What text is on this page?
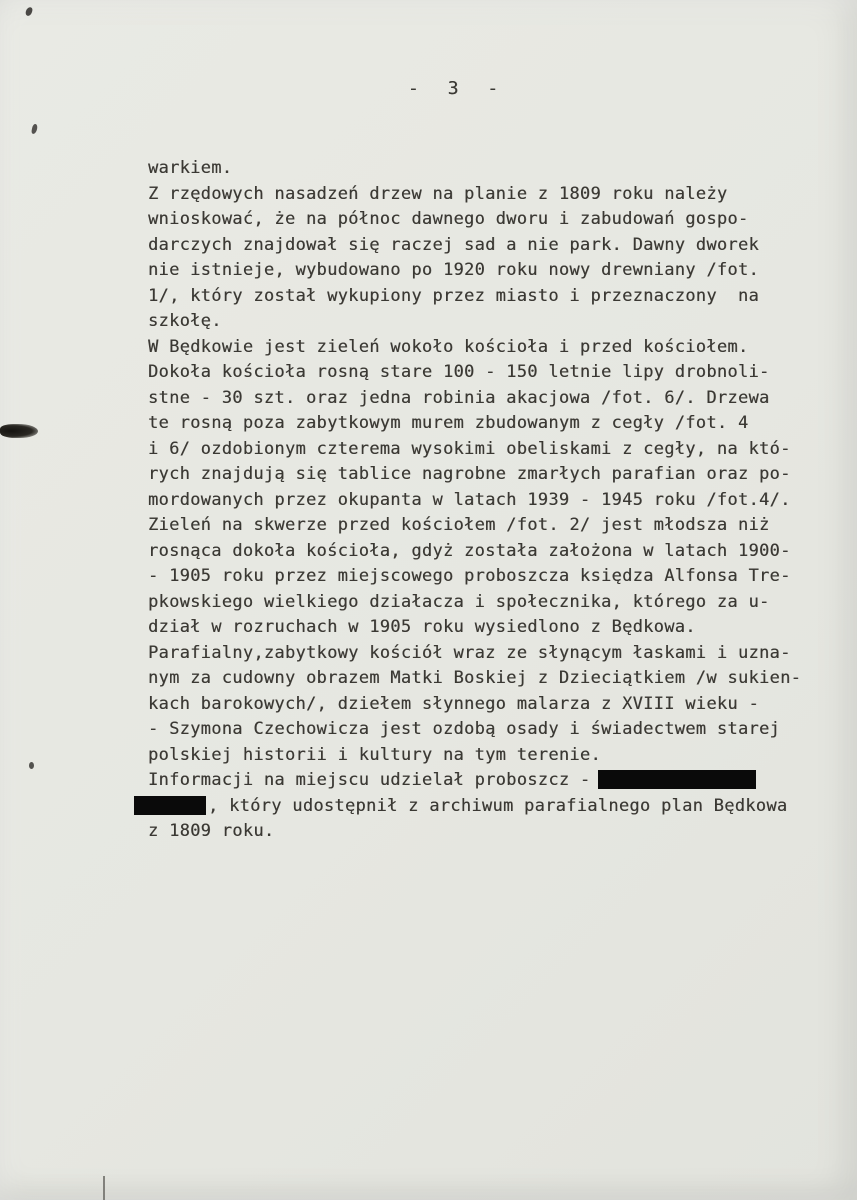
- 3 -
warkiem.
Z rzędowych nasadzeń drzew na planie z 1809 roku należy
wnioskować, że na północ dawnego dworu i zabudowań gospo-
darczych znajdował się raczej sad a nie park. Dawny dworek
nie istnieje, wybudowano po 1920 roku nowy drewniany /fot.
1/, który został wykupiony przez miasto i przeznaczony  na
szkołę.
W Będkowie jest zieleń wokoło kościoła i przed kościołem.
Dokoła kościoła rosną stare 100 - 150 letnie lipy drobnoli-
stne - 30 szt. oraz jedna robinia akacjowa /fot. 6/. Drzewa
te rosną poza zabytkowym murem zbudowanym z cegły /fot. 4
i 6/ ozdobionym czterema wysokimi obeliskami z cegły, na któ-
rych znajdują się tablice nagrobne zmarłych parafian oraz po-
mordowanych przez okupanta w latach 1939 - 1945 roku /fot.4/.
Zieleń na skwerze przed kościołem /fot. 2/ jest młodsza niż
rosnąca dokoła kościoła, gdyż została założona w latach 1900-
- 1905 roku przez miejscowego proboszcza księdza Alfonsa Tre-
pkowskiego wielkiego działacza i społecznika, którego za u-
dział w rozruchach w 1905 roku wysiedlono z Będkowa.
Parafialny,zabytkowy kościół wraz ze słynącym łaskami i uzna-
nym za cudowny obrazem Matki Boskiej z Dzieciątkiem /w sukien-
kach barokowych/, dziełem słynnego malarza z XVIII wieku -
- Szymona Czechowicza jest ozdobą osady i świadectwem starej
polskiej historii i kultury na tym terenie.
Informacji na miejscu udzielał proboszcz -
, który udostępnił z archiwum parafialnego plan Będkowa
z 1809 roku.
